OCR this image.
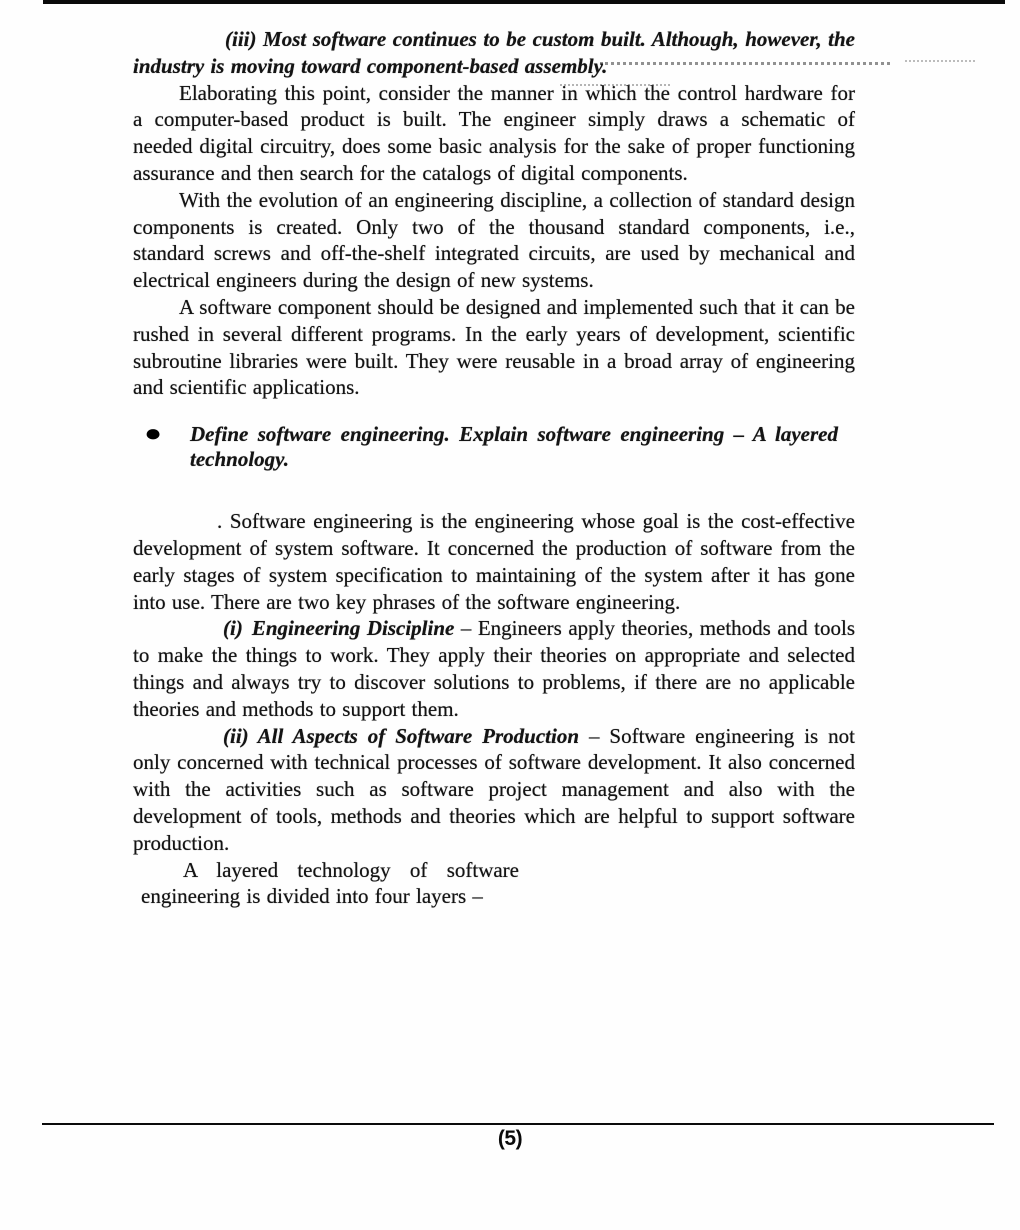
(iii) Most software continues to be custom built. Although, however, the industry is moving toward component-based assembly.

Elaborating this point, consider the manner in which the control hardware for a computer-based product is built. The engineer simply draws a schematic of needed digital circuitry, does some basic analysis for the sake of proper functioning assurance and then search for the catalogs of digital components.

With the evolution of an engineering discipline, a collection of standard design components is created. Only two of the thousand standard components, i.e., standard screws and off-the-shelf integrated circuits, are used by mechanical and electrical engineers during the design of new systems.

A software component should be designed and implemented such that it can be rushed in several different programs. In the early years of development, scientific subroutine libraries were built. They were reusable in a broad array of engineering and scientific applications.

●	Define software engineering. Explain software engineering – A layered technology.

. Software engineering is the engineering whose goal is the cost-effective development of system software. It concerned the production of software from the early stages of system specification to maintaining of the system after it has gone into use. There are two key phrases of the software engineering.

(i) Engineering Discipline – Engineers apply theories, methods and tools to make the things to work. They apply their theories on appropriate and selected things and always try to discover solutions to problems, if there are no applicable theories and methods to support them.

(ii) All Aspects of Software Production – Software engineering is not only concerned with technical processes of software development. It also concerned with the activities such as software project management and also with the development of tools, methods and theories which are helpful to support software production.

A layered technology of software engineering is divided into four layers –

(5)
